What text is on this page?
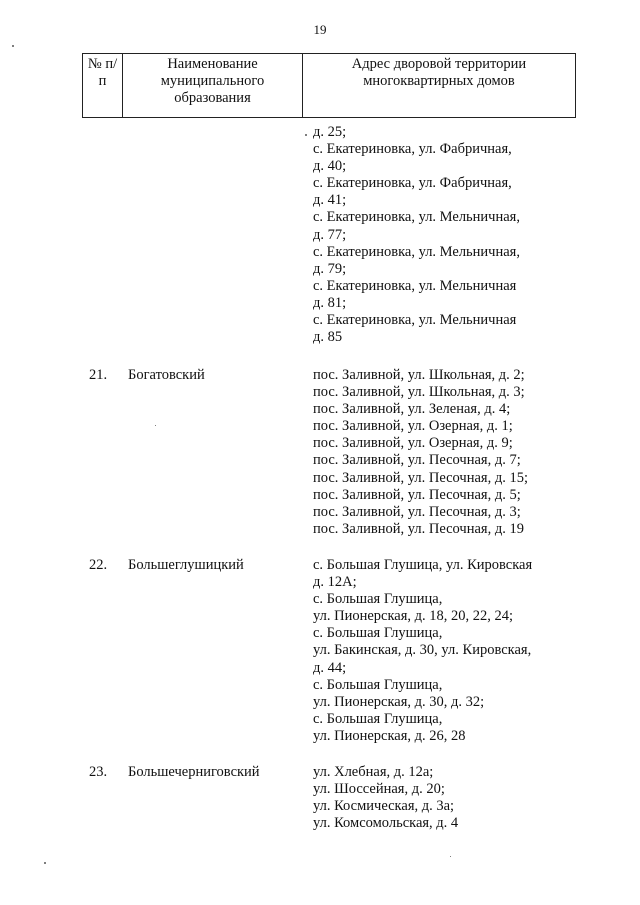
19
№ п/п	Наименование муниципального образования	Адрес дворовой территории многоквартирных домов
д. 25;
с. Екатериновка, ул. Фабричная,
д. 40;
с. Екатериновка, ул. Фабричная,
д. 41;
с. Екатериновка, ул. Мельничная,
д. 77;
с. Екатериновка, ул. Мельничная,
д. 79;
с. Екатериновка, ул. Мельничная
д. 81;
с. Екатериновка, ул. Мельничная
д. 85
21. Богатовский	пос. Заливной, ул. Школьная, д. 2;
пос. Заливной, ул. Школьная, д. 3;
пос. Заливной, ул. Зеленая, д. 4;
пос. Заливной, ул. Озерная, д. 1;
пос. Заливной, ул. Озерная, д. 9;
пос. Заливной, ул. Песочная, д. 7;
пос. Заливной, ул. Песочная, д. 15;
пос. Заливной, ул. Песочная, д. 5;
пос. Заливной, ул. Песочная, д. 3;
пос. Заливной, ул. Песочная, д. 19
22. Большеглушицкий	с. Большая Глушица, ул. Кировская
д. 12А;
с. Большая Глушица,
ул. Пионерская, д. 18, 20, 22, 24;
с. Большая Глушица,
ул. Бакинская, д. 30, ул. Кировская,
д. 44;
с. Большая Глушица,
ул. Пионерская, д. 30, д. 32;
с. Большая Глушица,
ул. Пионерская, д. 26, 28
23. Большечерниговский	ул. Хлебная, д. 12а;
ул. Шоссейная, д. 20;
ул. Космическая, д. 3а;
ул. Комсомольская, д. 4
